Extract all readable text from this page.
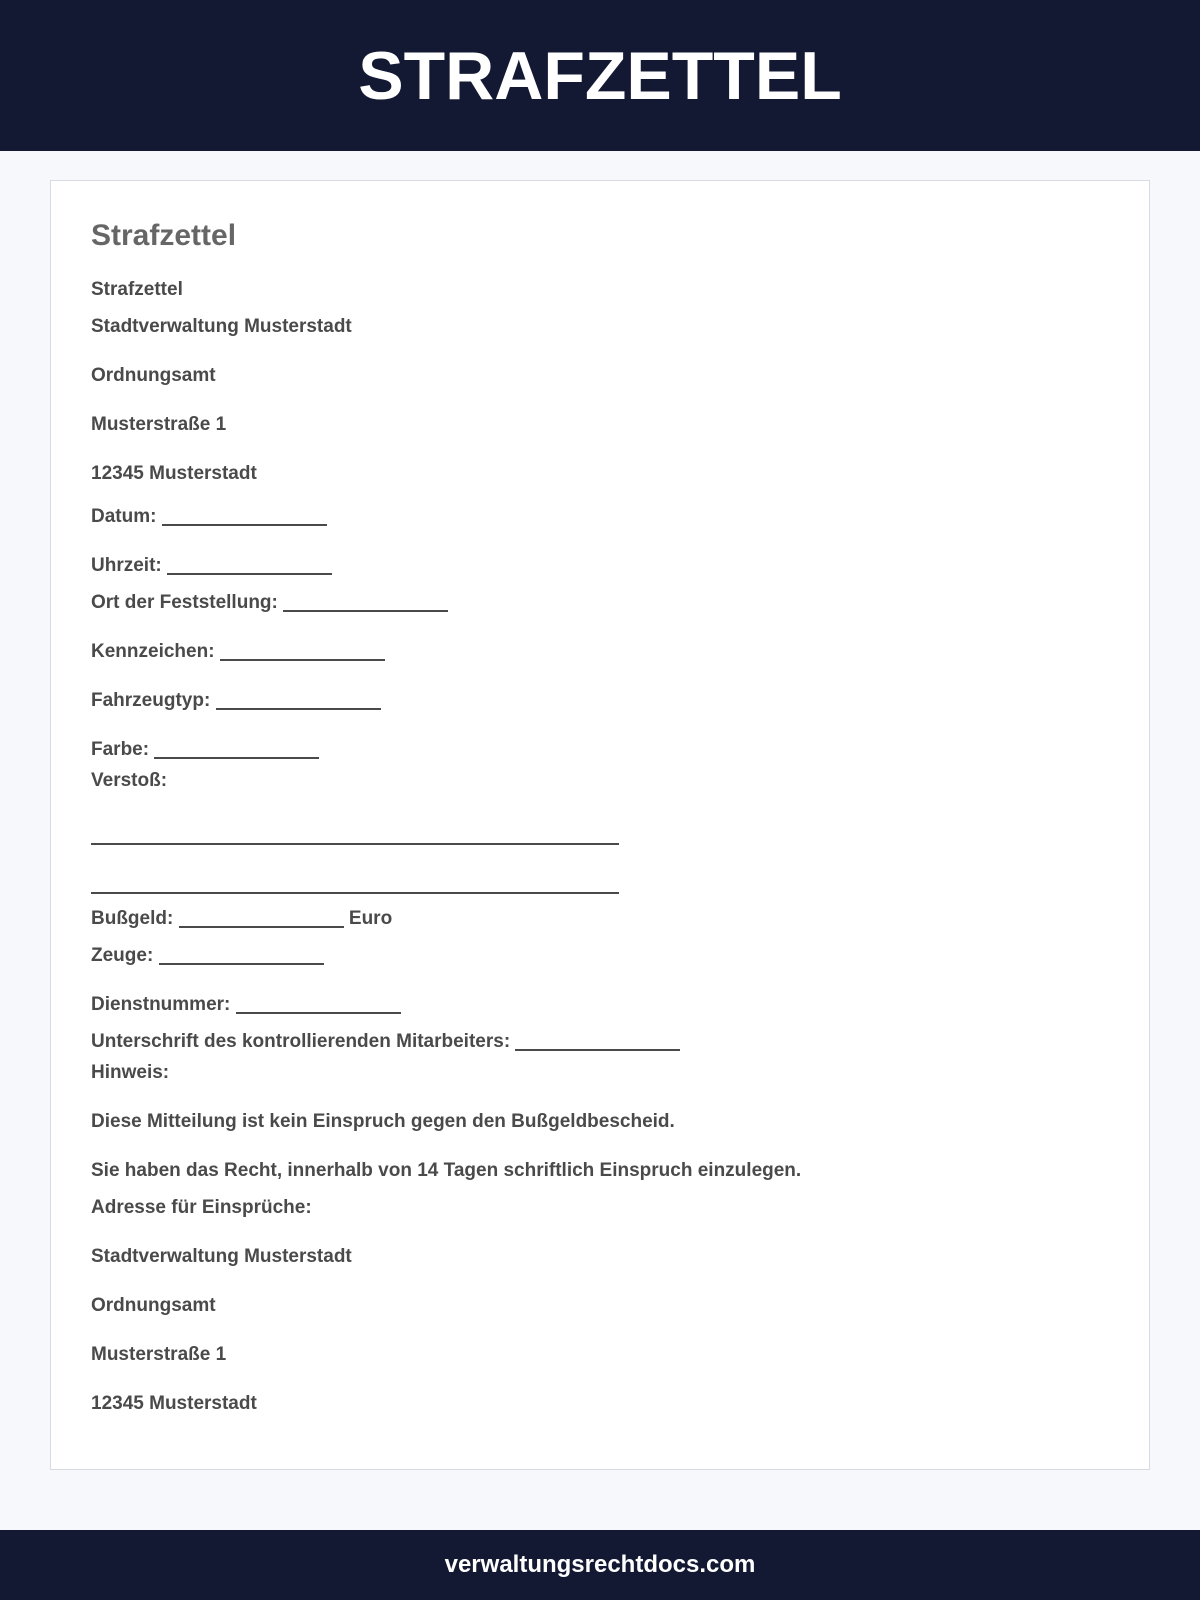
STRAFZETTEL
Strafzettel
Strafzettel
Stadtverwaltung Musterstadt
Ordnungsamt
Musterstraße 1
12345 Musterstadt
Datum:
Uhrzeit:
Ort der Feststellung:
Kennzeichen:
Fahrzeugtyp:
Farbe:
Verstoß:
Bußgeld:	Euro
Zeuge:
Dienstnummer:
Unterschrift des kontrollierenden Mitarbeiters:
Hinweis:
Diese Mitteilung ist kein Einspruch gegen den Bußgeldbescheid.
Sie haben das Recht, innerhalb von 14 Tagen schriftlich Einspruch einzulegen.
Adresse für Einsprüche:
Stadtverwaltung Musterstadt
Ordnungsamt
Musterstraße 1
12345 Musterstadt
verwaltungsrechtdocs.com
